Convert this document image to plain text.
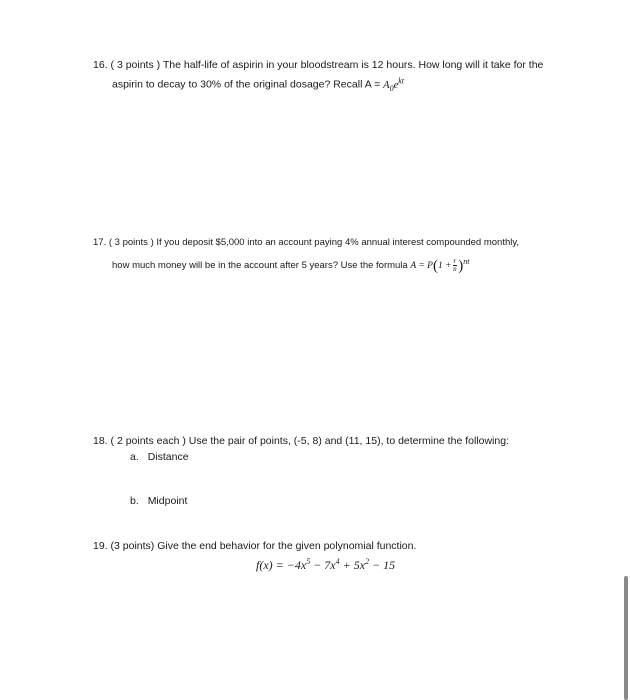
16. ( 3 points ) The half-life of aspirin in your bloodstream is 12 hours. How long will it take for the
aspirin to decay to 30% of the original dosage? Recall $A = A_0e^{kt}$
17. ( 3 points ) If you deposit $5,000 into an account paying 4% annual interest compounded monthly,
how much money will be in the account after 5 years? Use the formula $A = P(1 + \frac{r}{n} )^{nt}$
18. ( 2 points each ) Use the pair of points, (-5, 8) and (11, 15), to determine the following:
a. Distance
b. Midpoint
19. (3 points) Give the end behavior for the given polynomial function.
$f(x) = -4x^5 - 7x^4 + 5x^2 - 15$
